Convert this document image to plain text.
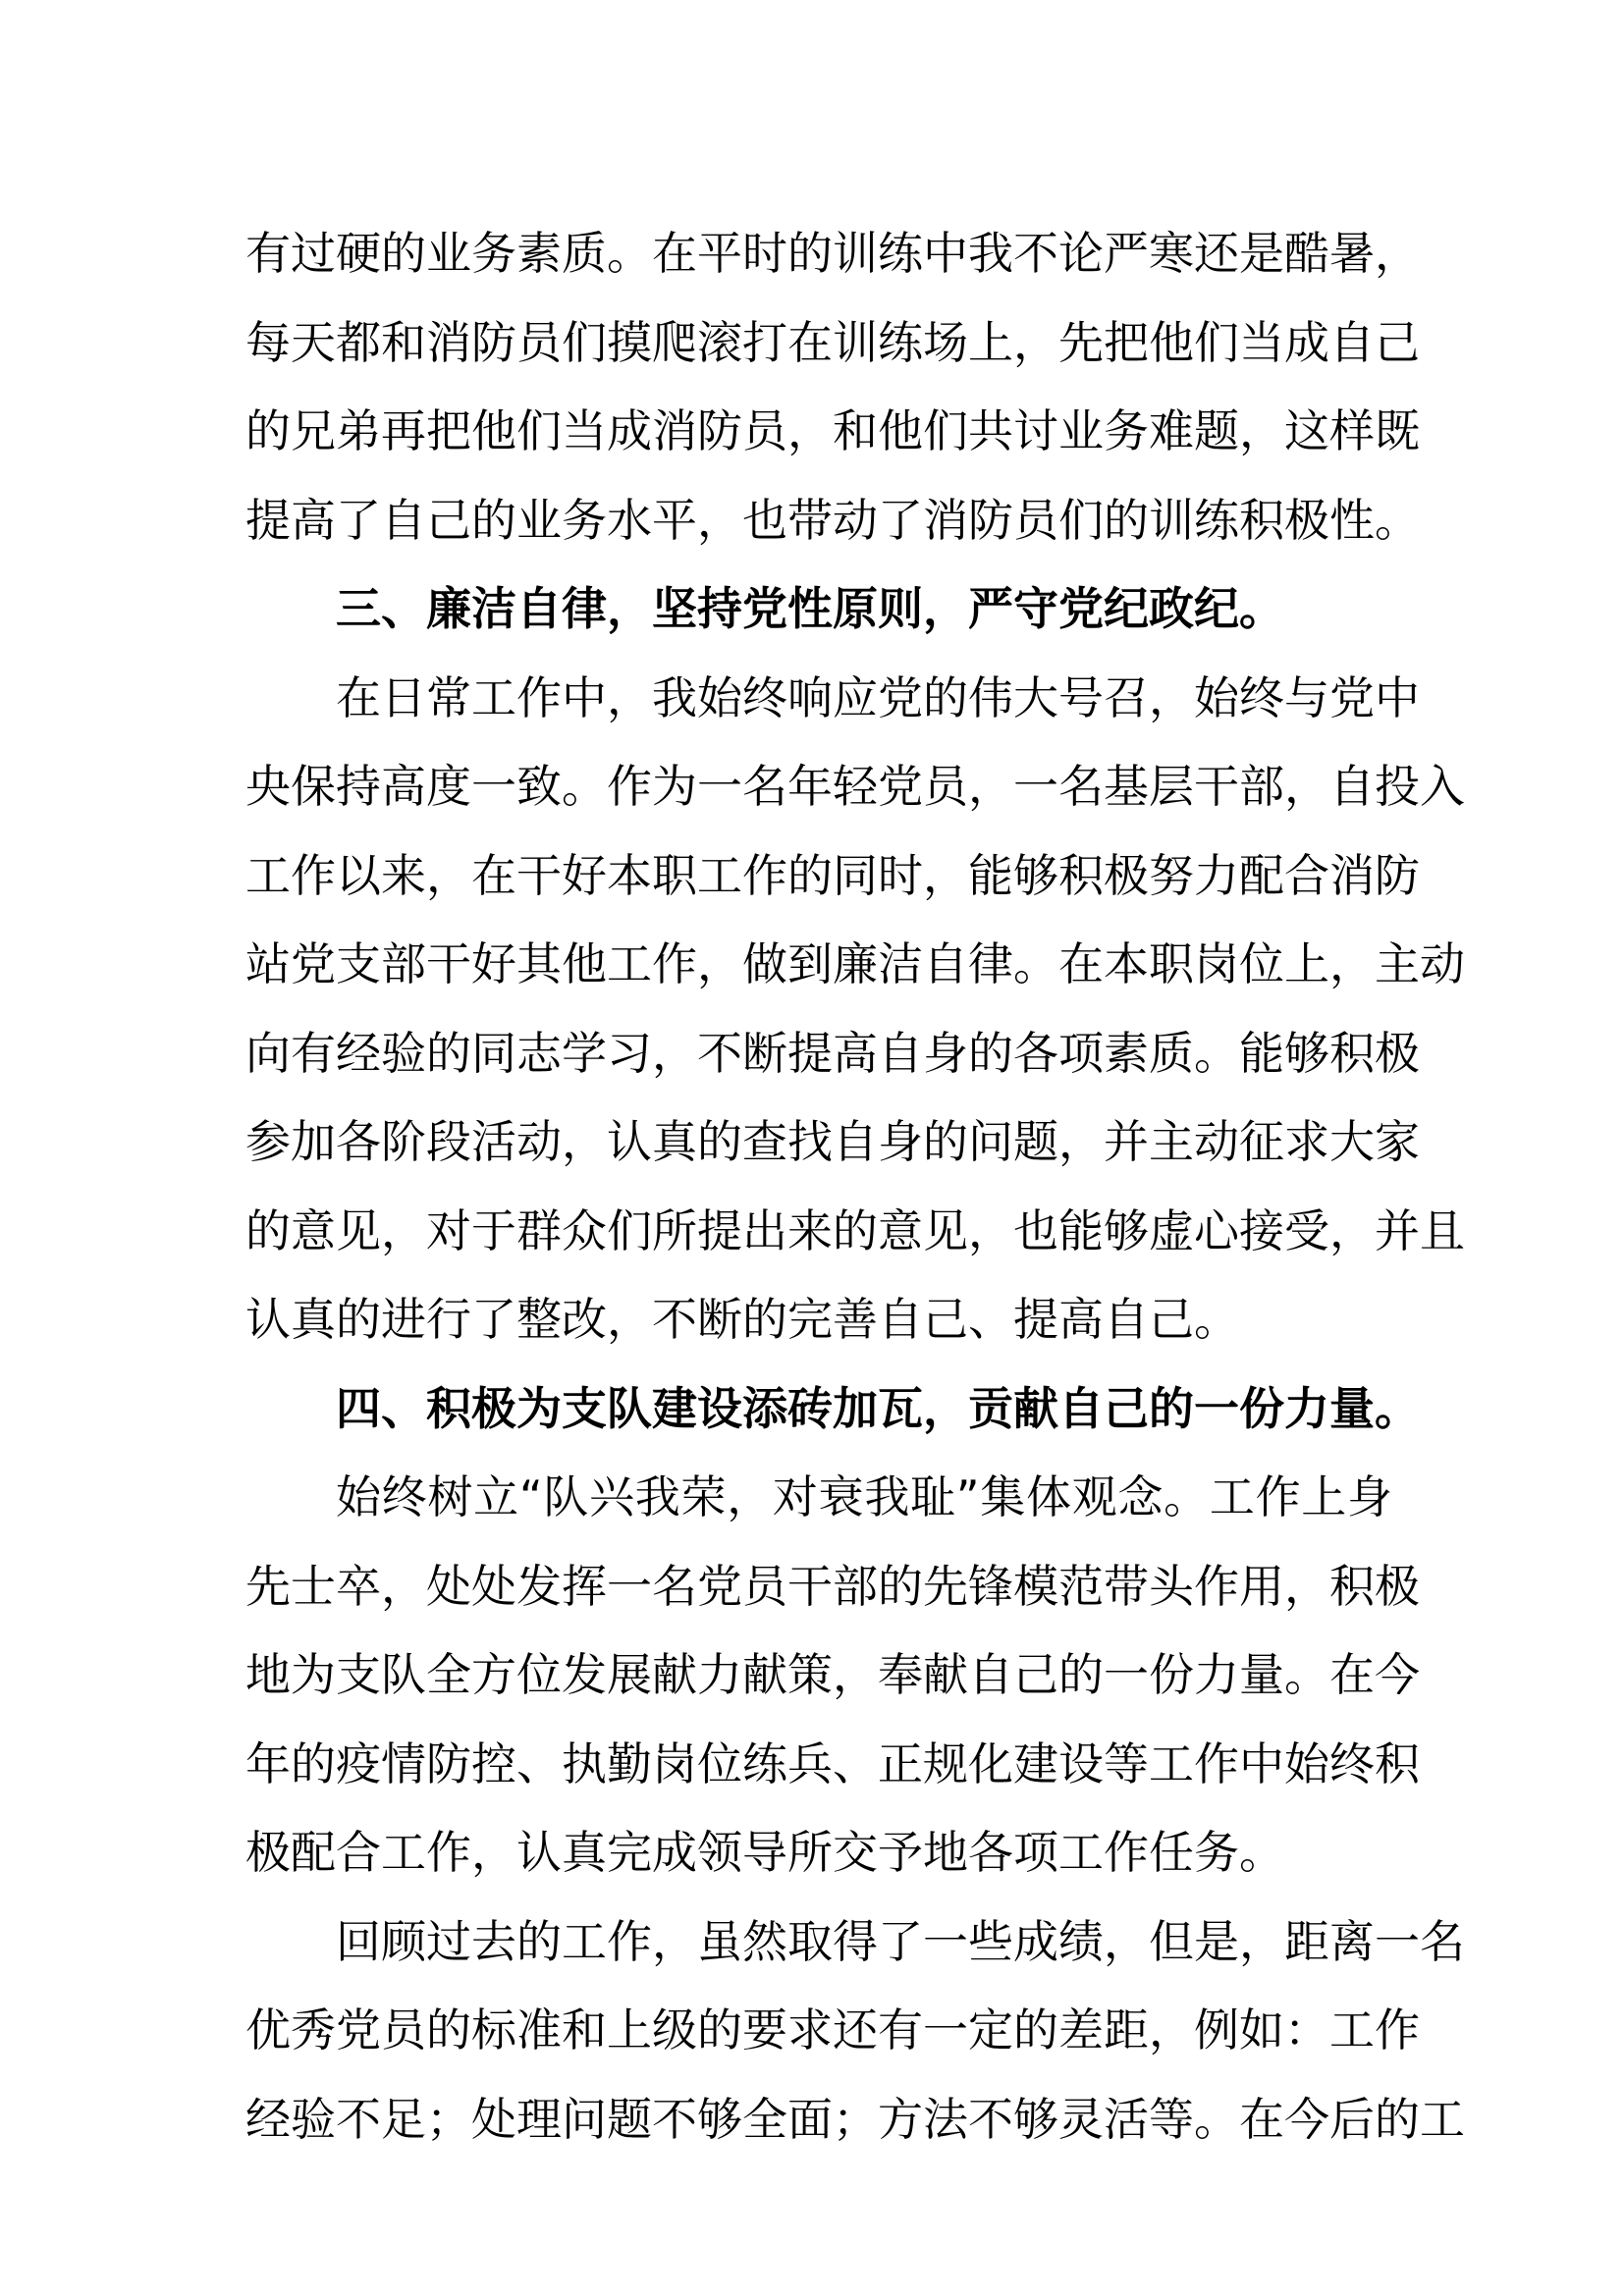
有过硬的业务素质。在平时的训练中我不论严寒还是酷暑，
每天都和消防员们摸爬滚打在训练场上，先把他们当成自己
的兄弟再把他们当成消防员，和他们共讨业务难题，这样既
提高了自己的业务水平，也带动了消防员们的训练积极性。
三、廉洁自律，坚持党性原则，严守党纪政纪。
在日常工作中，我始终响应党的伟大号召，始终与党中
央保持高度一致。作为一名年轻党员，一名基层干部，自投入
工作以来，在干好本职工作的同时，能够积极努力配合消防
站党支部干好其他工作，做到廉洁自律。在本职岗位上，主动
向有经验的同志学习，不断提高自身的各项素质。能够积极
参加各阶段活动，认真的查找自身的问题，并主动征求大家
的意见，对于群众们所提出来的意见，也能够虚心接受，并且
认真的进行了整改，不断的完善自己、提高自己。
四、积极为支队建设添砖加瓦，贡献自己的一份力量。
始终树立“队兴我荣，对衰我耻”集体观念。工作上身
先士卒，处处发挥一名党员干部的先锋模范带头作用，积极
地为支队全方位发展献力献策，奉献自己的一份力量。在今
年的疫情防控、执勤岗位练兵、正规化建设等工作中始终积
极配合工作，认真完成领导所交予地各项工作任务。
回顾过去的工作，虽然取得了一些成绩，但是，距离一名
优秀党员的标准和上级的要求还有一定的差距，例如：工作
经验不足；处理问题不够全面；方法不够灵活等。在今后的工
